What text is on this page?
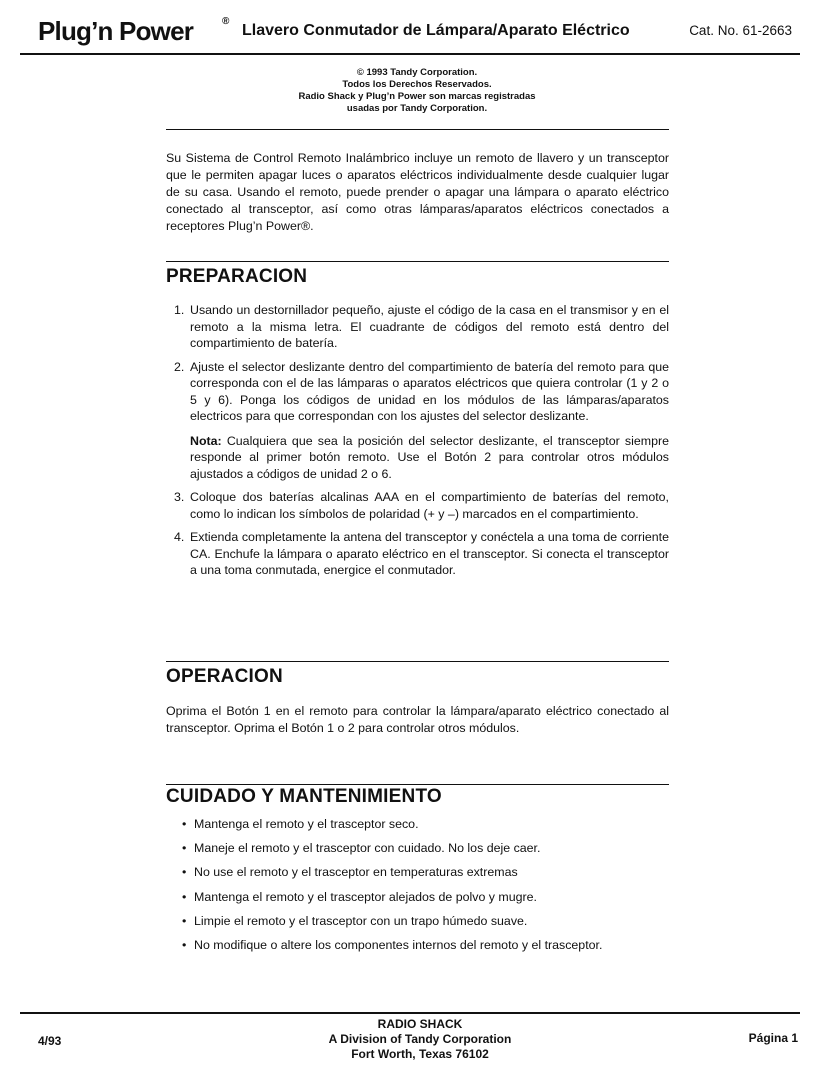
Plug’n Power	®
Llavero Conmutador de Lámpara/Aparato Eléctrico	Cat. No. 61-2663
© 1993 Tandy Corporation.
Todos los Derechos Reservados.
Radio Shack y Plug’n Power son marcas registradas
usadas por Tandy Corporation.

Su Sistema de Control Remoto Inalámbrico incluye un remoto de llavero y un transceptor que le permiten apagar luces o aparatos eléctricos individualmente desde cualquier lugar de su casa. Usando el remoto, puede prender o apagar una lámpara o aparato eléctrico conectado al transceptor, así como otras lámparas/aparatos eléctricos conectados a receptores Plug’n Power®.

PREPARACION
1. Usando un destornillador pequeño, ajuste el código de la casa en el transmisor y en el remoto a la misma letra. El cuadrante de códigos del remoto está dentro del compartimiento de batería.
2. Ajuste el selector deslizante dentro del compartimiento de batería del remoto para que corresponda con el de las lámparas o aparatos eléctricos que quiera controlar (1 y 2 o 5 y 6). Ponga los códigos de unidad en los módulos de las lámparas/aparatos electricos para que correspondan con los ajustes del selector deslizante.
Nota: Cualquiera que sea la posición del selector deslizante, el transceptor siempre responde al primer botón remoto. Use el Botón 2 para controlar otros módulos ajustados a códigos de unidad 2 o 6.
3. Coloque dos baterías alcalinas AAA en el compartimiento de baterías del remoto, como lo indican los símbolos de polaridad (+ y –) marcados en el compartimiento.
4. Extienda completamente la antena del transceptor y conéctela a una toma de corriente CA. Enchufe la lámpara o aparato eléctrico en el transceptor. Si conecta el transceptor a una toma conmutada, energice el conmutador.
OPERACION

Oprima el Botón 1 en el remoto para controlar la lámpara/aparato eléctrico conectado al transceptor. Oprima el Botón 1 o 2 para controlar otros módulos.

CUIDADO Y MANTENIMIENTO
• Mantenga el remoto y el trasceptor seco.
• Maneje el remoto y el trasceptor con cuidado. No los deje caer.
• No use el remoto y el trasceptor en temperaturas extremas
• Mantenga el remoto y el trasceptor alejados de polvo y mugre.
• Limpie el remoto y el trasceptor con un trapo húmedo suave.
• No modifique o altere los componentes internos del remoto y el trasceptor.
4/93
RADIO SHACK
A Division of Tandy Corporation
Fort Worth, Texas 76102
Página 1
